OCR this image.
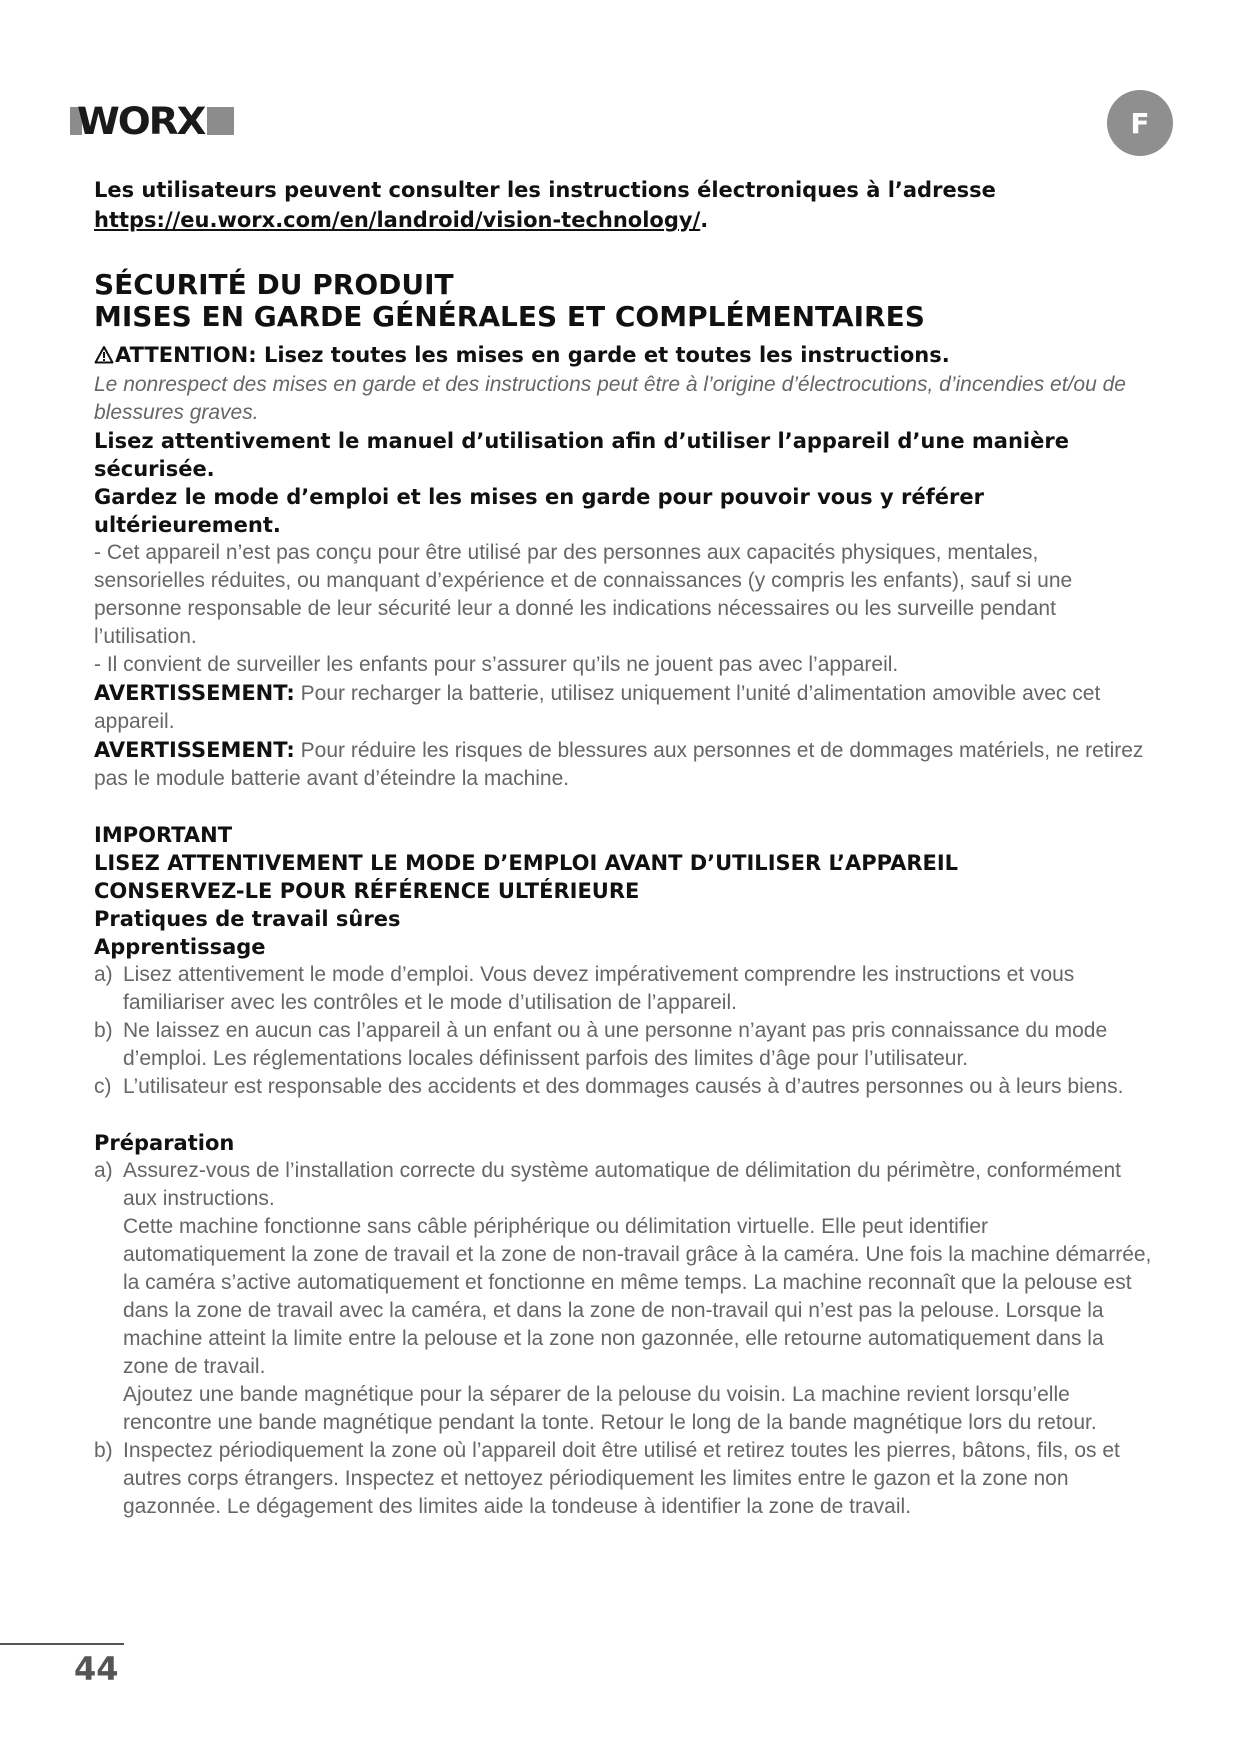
WORX	F

Les utilisateurs peuvent consulter les instructions électroniques à l’adresse
https://eu.worx.com/en/landroid/vision-technology/.

SÉCURITÉ DU PRODUIT
MISES EN GARDE GÉNÉRALES ET COMPLÉMENTAIRES

ATTENTION: Lisez toutes les mises en garde et toutes les instructions.

Le nonrespect des mises en garde et des instructions peut être à l’origine d’électrocutions, d’incendies et/ou de blessures graves.

Lisez attentivement le manuel d’utilisation afin d’utiliser l’appareil d’une manière sécurisée.

Gardez le mode d’emploi et les mises en garde pour pouvoir vous y référer ultérieurement.

- Cet appareil n’est pas conçu pour être utilisé par des personnes aux capacités physiques, mentales, sensorielles réduites, ou manquant d’expérience et de connaissances (y compris les enfants), sauf si une personne responsable de leur sécurité leur a donné les indications nécessaires ou les surveille pendant l’utilisation.

- Il convient de surveiller les enfants pour s’assurer qu’ils ne jouent pas avec l’appareil.

AVERTISSEMENT: Pour recharger la batterie, utilisez uniquement l’unité d’alimentation amovible avec cet appareil.

AVERTISSEMENT: Pour réduire les risques de blessures aux personnes et de dommages matériels, ne retirez pas le module batterie avant d’éteindre la machine.

IMPORTANT

LISEZ ATTENTIVEMENT LE MODE D’EMPLOI AVANT D’UTILISER L’APPAREIL

CONSERVEZ-LE POUR RÉFÉRENCE ULTÉRIEURE

Pratiques de travail sûres

Apprentissage

a) Lisez attentivement le mode d’emploi. Vous devez impérativement comprendre les instructions et vous familiariser avec les contrôles et le mode d’utilisation de l’appareil.
b) Ne laissez en aucun cas l’appareil à un enfant ou à une personne n’ayant pas pris connaissance du mode d’emploi. Les réglementations locales définissent parfois des limites d’âge pour l’utilisateur.
c) L’utilisateur est responsable des accidents et des dommages causés à d’autres personnes ou à leurs biens.

Préparation

a) Assurez-vous de l’installation correcte du système automatique de délimitation du périmètre, conformément aux instructions.
Cette machine fonctionne sans câble périphérique ou délimitation virtuelle. Elle peut identifier automatiquement la zone de travail et la zone de non-travail grâce à la caméra. Une fois la machine démarrée, la caméra s’active automatiquement et fonctionne en même temps. La machine reconnaît que la pelouse est dans la zone de travail avec la caméra, et dans la zone de non-travail qui n’est pas la pelouse. Lorsque la machine atteint la limite entre la pelouse et la zone non gazonnée, elle retourne automatiquement dans la zone de travail.
Ajoutez une bande magnétique pour la séparer de la pelouse du voisin. La machine revient lorsqu’elle rencontre une bande magnétique pendant la tonte. Retour le long de la bande magnétique lors du retour.
b) Inspectez périodiquement la zone où l’appareil doit être utilisé et retirez toutes les pierres, bâtons, fils, os et autres corps étrangers. Inspectez et nettoyez périodiquement les limites entre le gazon et la zone non gazonnée. Le dégagement des limites aide la tondeuse à identifier la zone de travail.
44
